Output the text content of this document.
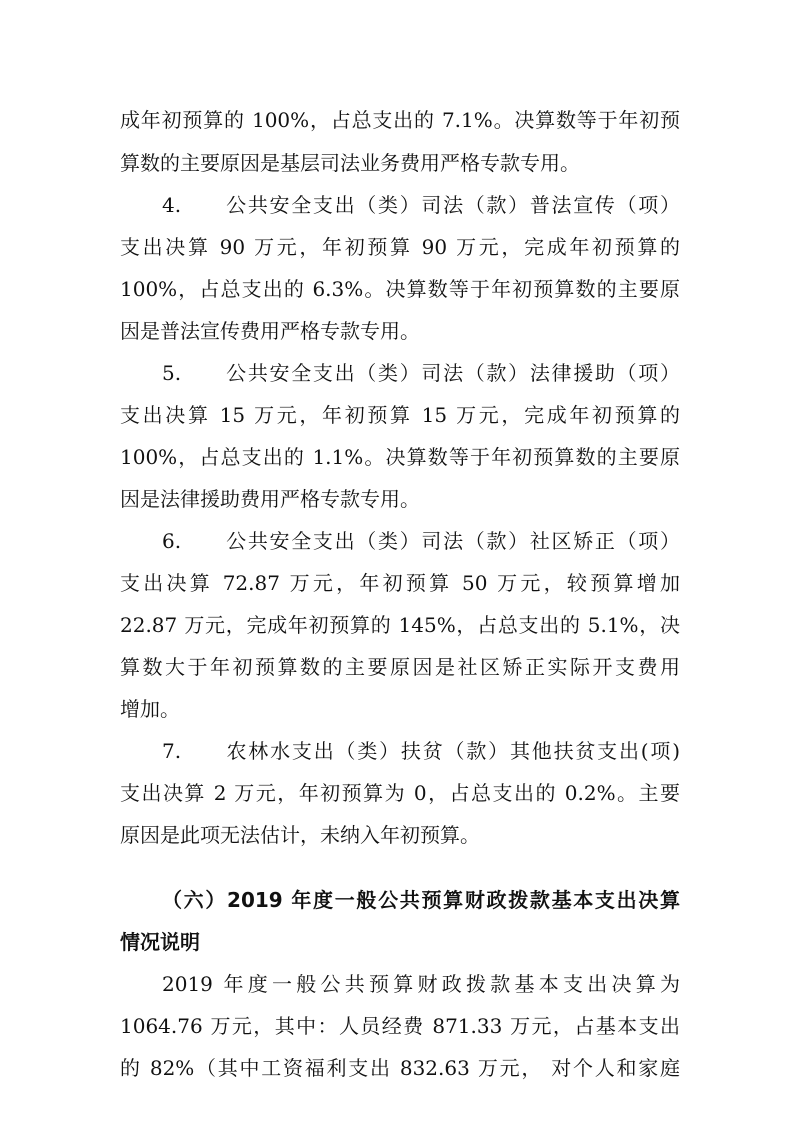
成年初预算的 100%，占总支出的 7.1%。决算数等于年初预
算数的主要原因是基层司法业务费用严格专款专用。
4.　　公共安全支出（类）司法（款）普法宣传（项）
支出决算 90 万元，年初预算 90 万元，完成年初预算的
100%，占总支出的 6.3%。决算数等于年初预算数的主要原
因是普法宣传费用严格专款专用。
5.　　公共安全支出（类）司法（款）法律援助（项）
支出决算 15 万元，年初预算 15 万元，完成年初预算的
100%，占总支出的 1.1%。决算数等于年初预算数的主要原
因是法律援助费用严格专款专用。
6.　　公共安全支出（类）司法（款）社区矫正（项）
支出决算 72.87 万元，年初预算 50 万元，较预算增加
22.87 万元，完成年初预算的 145%，占总支出的 5.1%，决
算数大于年初预算数的主要原因是社区矫正实际开支费用
增加。
7.　　农林水支出（类）扶贫（款）其他扶贫支出(项)
支出决算 2 万元，年初预算为 0，占总支出的 0.2%。主要
原因是此项无法估计，未纳入年初预算。
（六）2019 年度一般公共预算财政拨款基本支出决算
情况说明
2019 年度一般公共预算财政拨款基本支出决算为
1064.76 万元，其中：人员经费 871.33 万元，占基本支出
的 82%（其中工资福利支出 832.63 万元， 对个人和家庭
